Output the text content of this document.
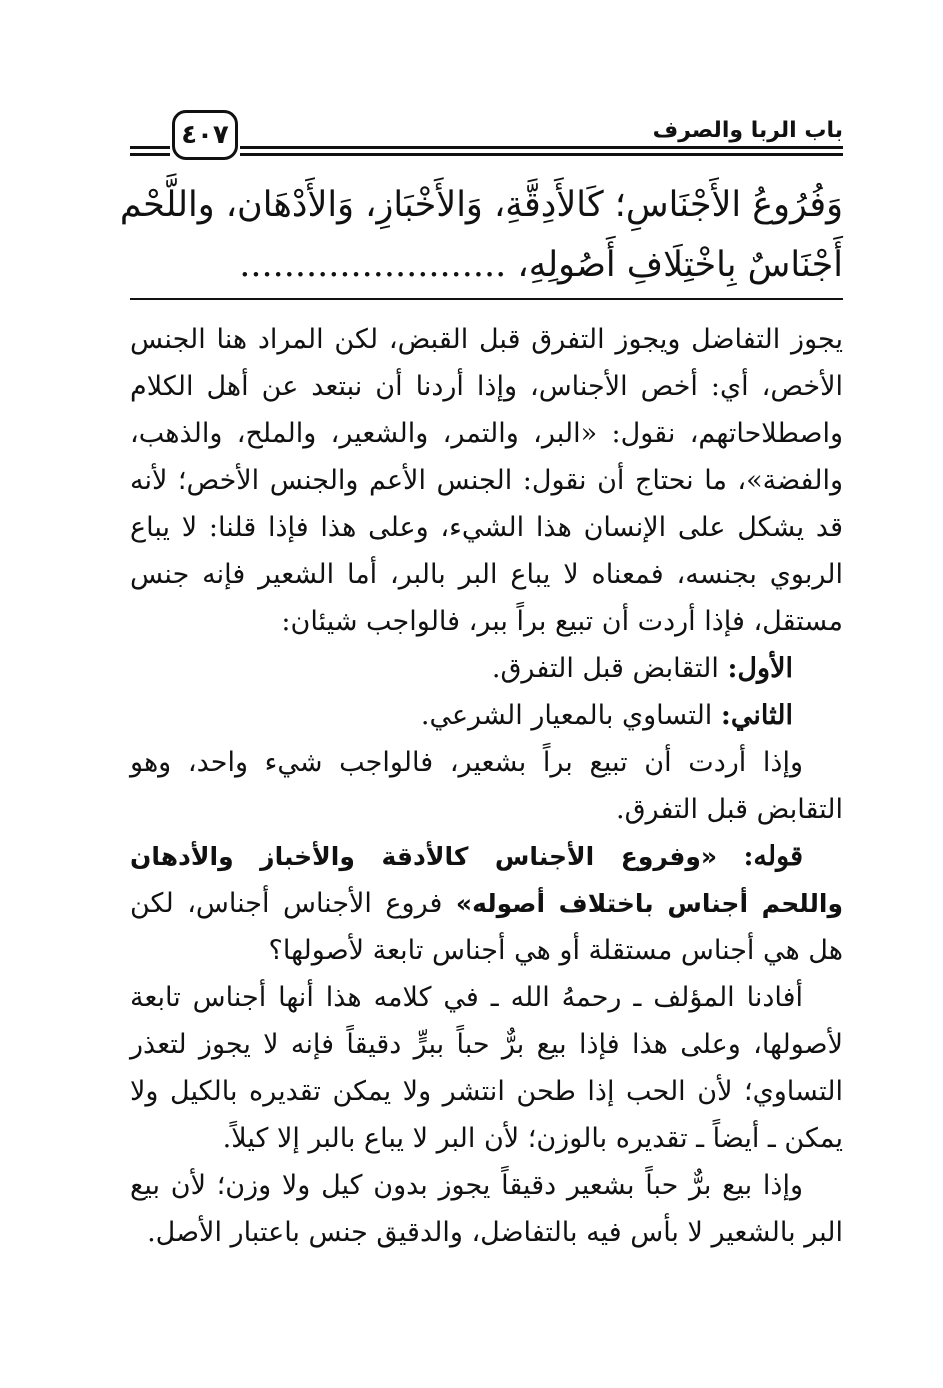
باب الربا والصرف
٤٠٧
وَفُرُوعُ الأَجْنَاسِ؛ كَالأَدِقَّةِ، وَالأَخْبَازِ، وَالأَدْهَان، واللَّحْم
أَجْنَاسٌ بِاخْتِلَافِ أَصُولِهِ، ........................

يجوز التفاضل ويجوز التفرق قبل القبض، لكن المراد هنا الجنس الأخص، أي: أخص الأجناس، وإذا أردنا أن نبتعد عن أهل الكلام واصطلاحاتهم، نقول: «البر، والتمر، والشعير، والملح، والذهب، والفضة»، ما نحتاج أن نقول: الجنس الأعم والجنس الأخص؛ لأنه قد يشكل على الإنسان هذا الشيء، وعلى هذا فإذا قلنا: لا يباع الربوي بجنسه، فمعناه لا يباع البر بالبر، أما الشعير فإنه جنس مستقل، فإذا أردت أن تبيع براً ببر، فالواجب شيئان:

الأول: التقابض قبل التفرق.

الثاني: التساوي بالمعيار الشرعي.

وإذا أردت أن تبيع براً بشعير، فالواجب شيء واحد، وهو التقابض قبل التفرق.

قوله: «وفروع الأجناس كالأدقة والأخباز والأدهان واللحم أجناس باختلاف أصوله» فروع الأجناس أجناس، لكن هل هي أجناس مستقلة أو هي أجناس تابعة لأصولها؟

أفادنا المؤلف ـ رحمهُ الله ـ في كلامه هذا أنها أجناس تابعة لأصولها، وعلى هذا فإذا بيع برٌّ حباً ببرٍّ دقيقاً فإنه لا يجوز لتعذر التساوي؛ لأن الحب إذا طحن انتشر ولا يمكن تقديره بالكيل ولا يمكن ـ أيضاً ـ تقديره بالوزن؛ لأن البر لا يباع بالبر إلا كيلاً.

وإذا بيع برٌّ حباً بشعير دقيقاً يجوز بدون كيل ولا وزن؛ لأن بيع البر بالشعير لا بأس فيه بالتفاضل، والدقيق جنس باعتبار الأصل.
